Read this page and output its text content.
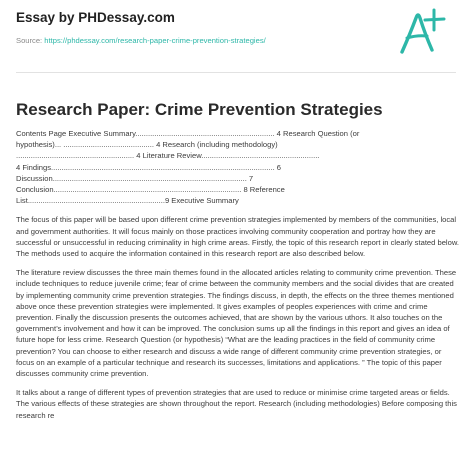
Essay by PHDessay.com
Source: https://phdessay.com/research-paper-crime-prevention-strategies/
Research Paper: Crime Prevention Strategies

Contents Page Executive Summary.................................................................. 4 Research Question (or
hypothesis)... ........................................... 4 Research (including methodology)
........................................................ 4 Literature Review........................................................
4 Findings.......................................................................................................... 6
Discussion............................................................................................ 7
Conclusion......................................................................................... 8 Reference
List.................................................................9 Executive Summary

The focus of this paper will be based upon different crime prevention strategies implemented by members of the communities, local and government authorities. It will focus mainly on those practices involving community cooperation and portray how they are successful or unsuccessful in reducing criminality in high crime areas. Firstly, the topic of this research report in clearly stated below. The methods used to acquire the information contained in this research report are also described below.

The literature review discusses the three main themes found in the allocated articles relating to community crime prevention. These include techniques to reduce juvenile crime; fear of crime between the community members and the social divides that are created by implementing community crime prevention strategies. The findings discuss, in depth, the effects on the three themes mentioned above once these prevention strategies were implemented. It gives examples of peoples experiences with crime and crime prevention. Finally the discussion presents the outcomes achieved, that are shown by the various uthors. It also touches on the government’s involvement and how it can be improved. The conclusion sums up all the findings in this report and gives an idea of future hope for less crime. Research Question (or hypothesis) “What are the leading practices in the field of community crime prevention? You can choose to either research and discuss a wide range of different community crime prevention strategies, or focus on an example of a particular technique and research its successes, limitations and applications. ” The topic of this paper discusses community crime prevention.

It talks about a range of different types of prevention strategies that are used to reduce or minimise crime targeted areas or fields. The various effects of these strategies are shown throughout the report. Research (including methodologies) Before composing this research re
